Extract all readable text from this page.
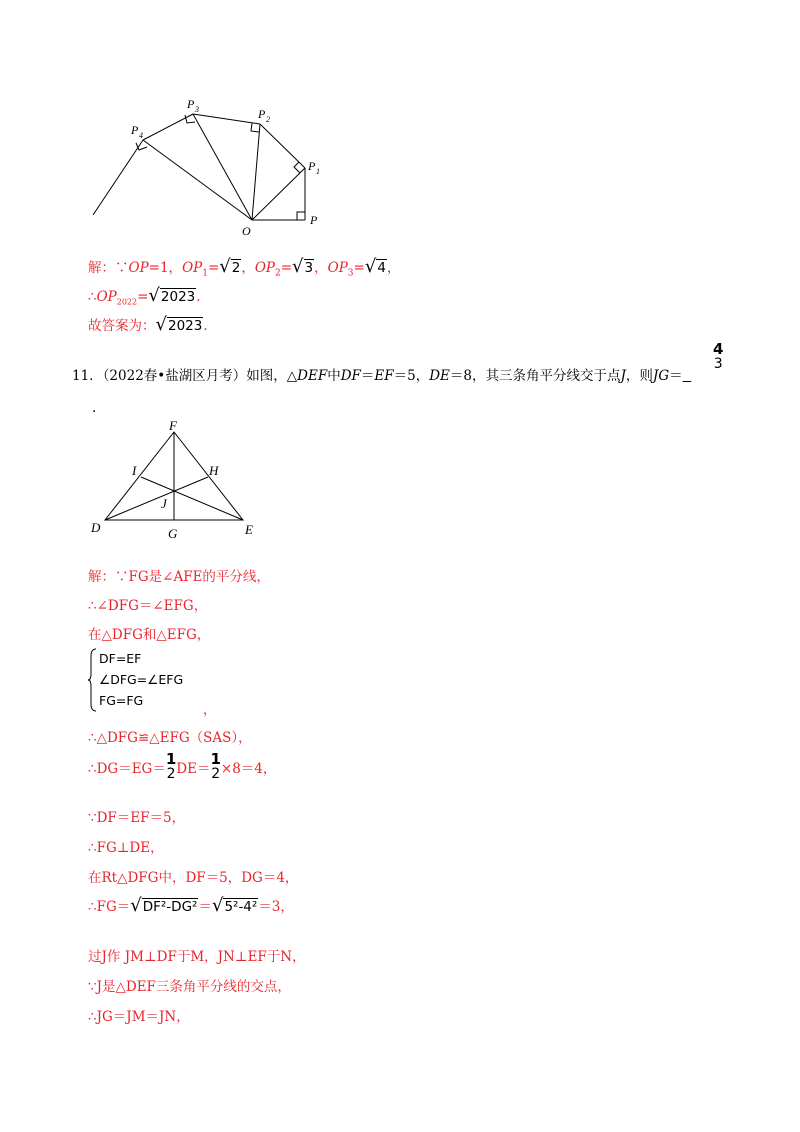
P 4
P 3	P 2
P 1
P
O
解：∵OP=1，$OP_1=√2$，$OP_2=√3$，$OP_3=√4$，
$\therefore OP_{2022}=√2023$.
故答案为：√2023.
11．（2022春•盐湖区月考）如图，△DEF中DF＝EF＝5，DE＝8，其三条角平分线交于点J，则JG＝
4
3
.
F
I	H
J
D	G	E
解：∵FG是∠AFE的平分线，
∴∠DFG＝∠EFG，
在△DFG和△EFG，
DF=EF
∠DFG=∠EFG
FG=FG
，
∴△DFG≌△EFG（SAS），
∴DG＝EG＝
1
2 DE＝
1
2 ×8＝4，
∵DF＝EF＝5，
∴FG⊥DE，
在Rt△DFG中，DF＝5，DG＝4，
∴FG＝√DF²-DG²＝√5²-4²＝3，
过J作 JM⊥DF于M，JN⊥EF于N，
∵J是△DEF三条角平分线的交点，
∴JG＝JM＝JN，
